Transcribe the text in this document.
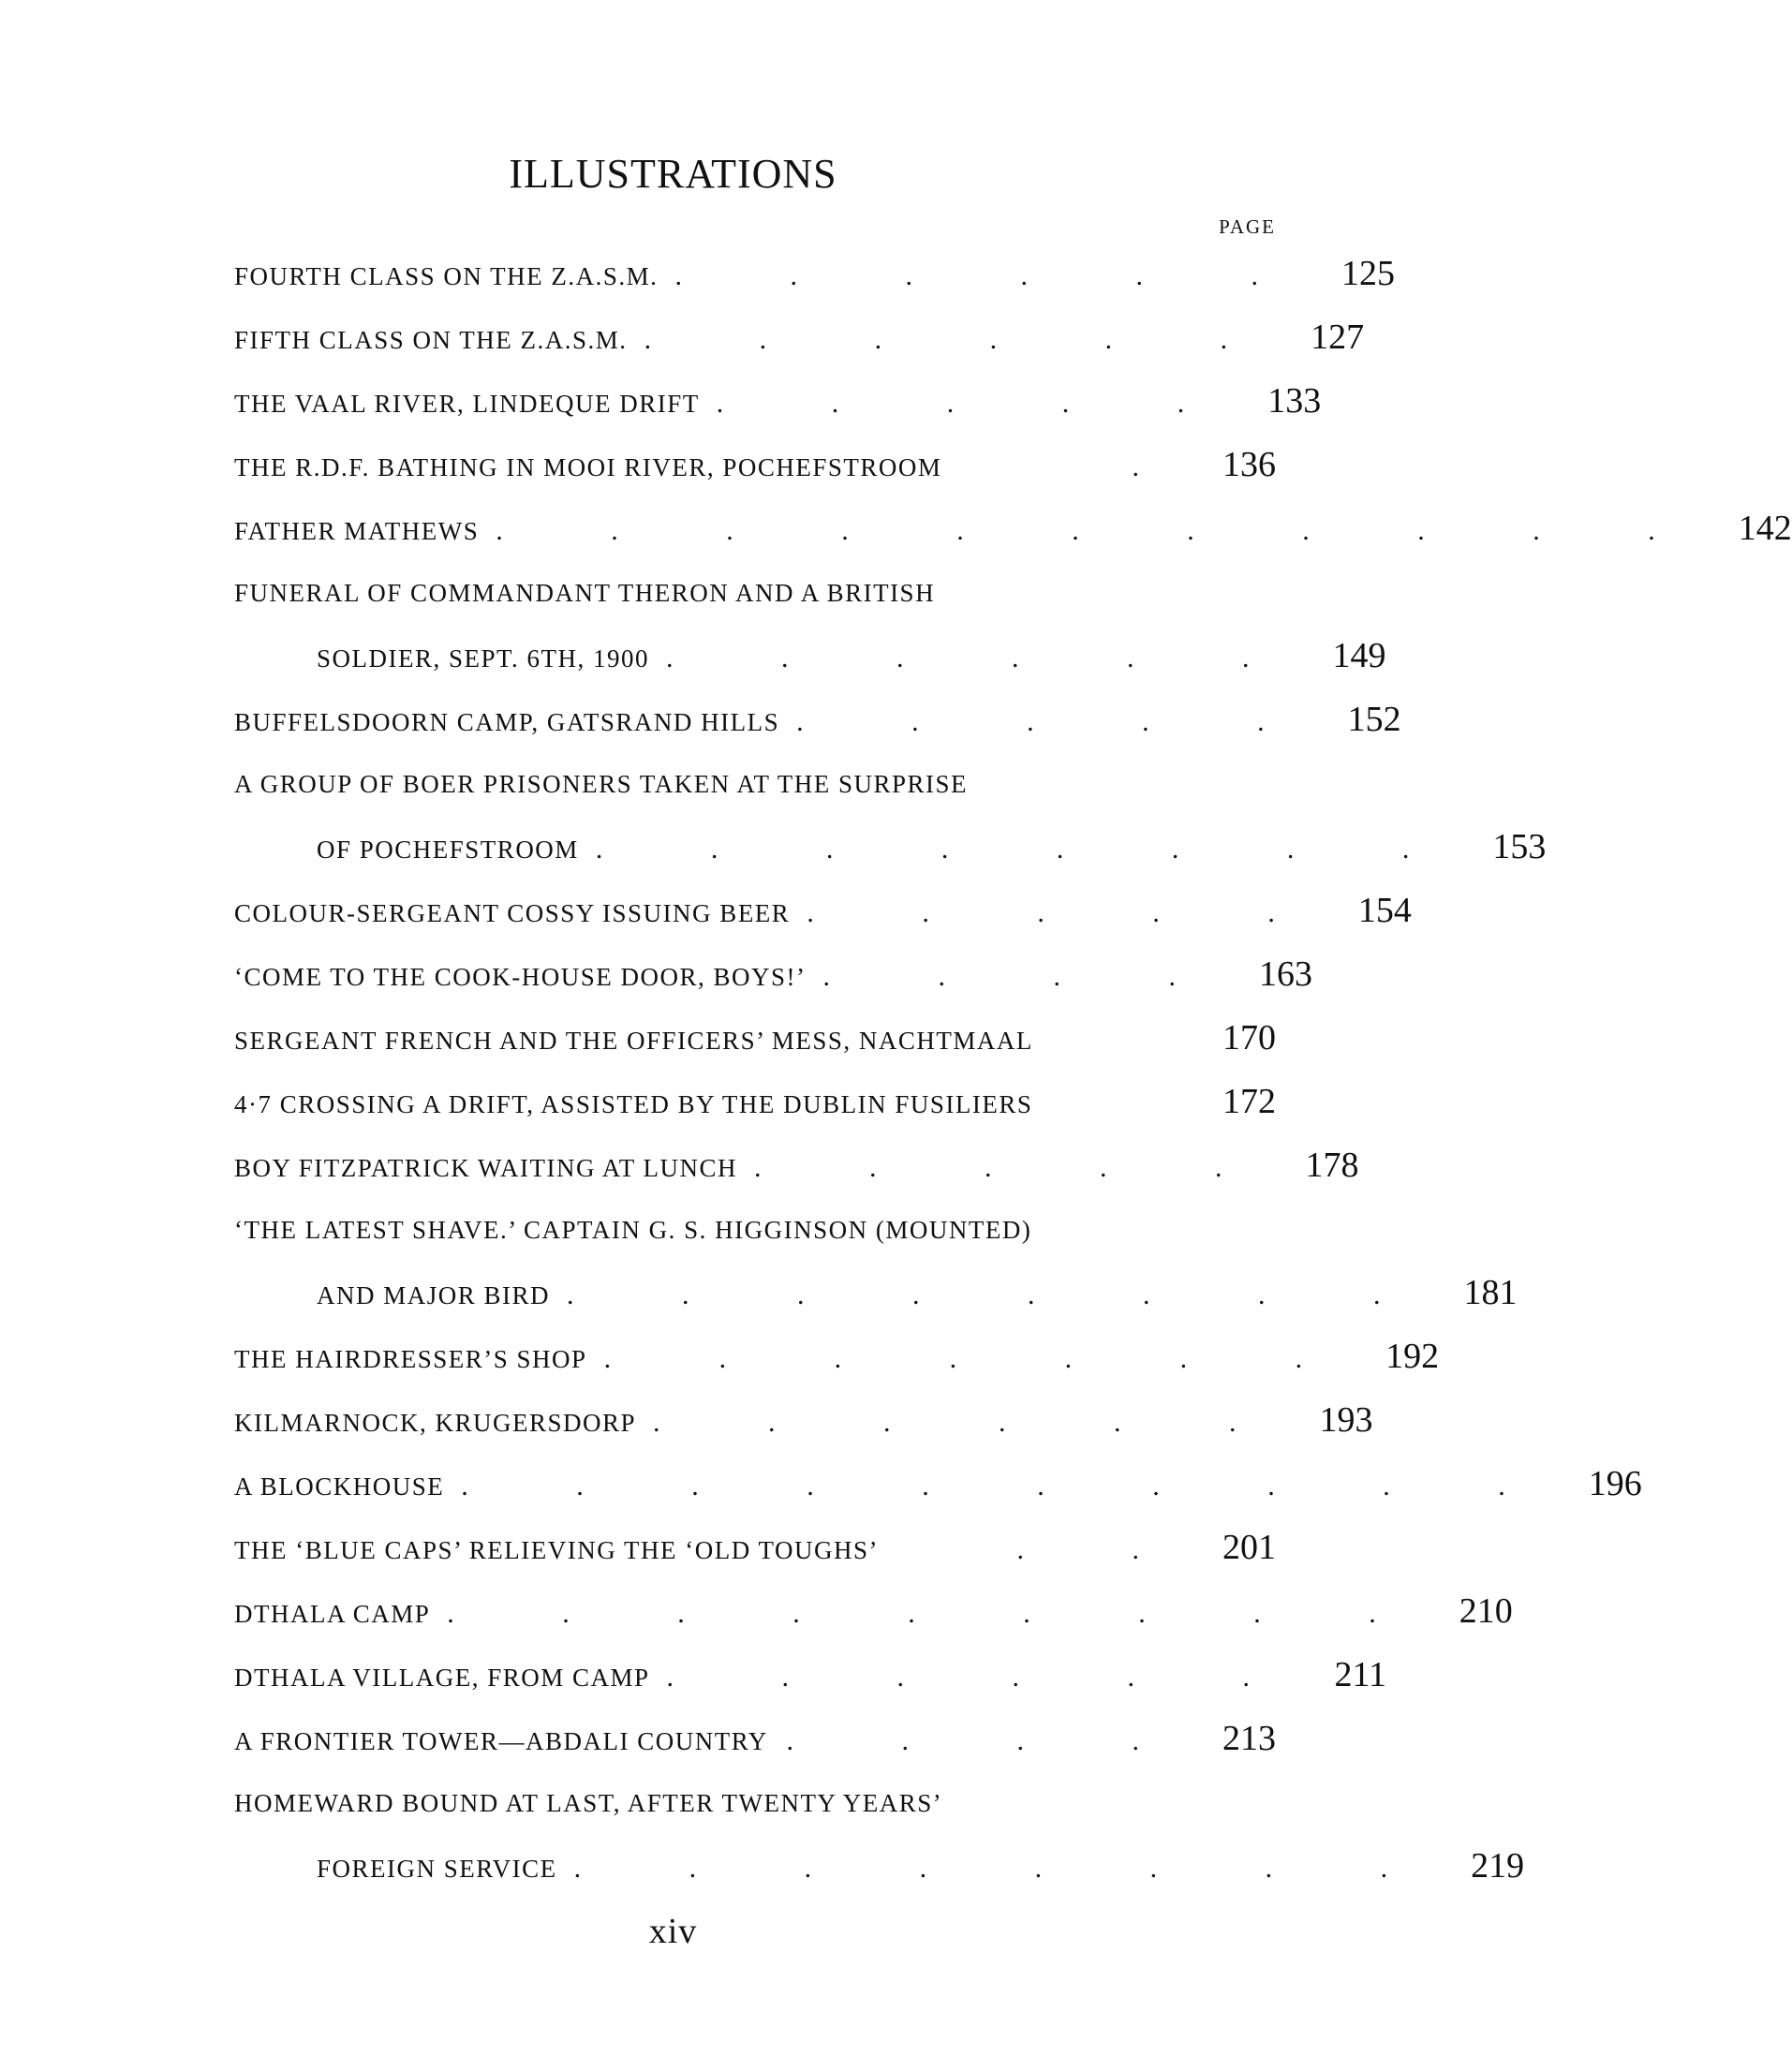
ILLUSTRATIONS
PAGE
FOURTH CLASS ON THE Z.A.S.M. . . . . . . 125
FIFTH CLASS ON THE Z.A.S.M. . . . . . . 127
THE VAAL RIVER, LINDEQUE DRIFT . . . . . 133
THE R.D.F. BATHING IN MOOI RIVER, POCHEFSTROOM	. 136
FATHER MATHEWS . . . . . . . . . . . 142
FUNERAL OF COMMANDANT THERON AND A BRITISH
SOLDIER, SEPT. 6TH, 1900 . . . . . . 149
BUFFELSDOORN CAMP, GATSRAND HILLS . . . . . 152
A GROUP OF BOER PRISONERS TAKEN AT THE SURPRISE
OF POCHEFSTROOM . . . . . . . . 153
COLOUR-SERGEANT COSSY ISSUING BEER . . . . . 154
‘COME TO THE COOK-HOUSE DOOR, BOYS!’ . . . . 163
SERGEANT FRENCH AND THE OFFICERS’ MESS, NACHTMAAL	170
4·7 CROSSING A DRIFT, ASSISTED BY THE DUBLIN FUSILIERS	172
BOY FITZPATRICK WAITING AT LUNCH . . . . . 178
‘THE LATEST SHAVE.’ CAPTAIN G. S. HIGGINSON (MOUNTED)
AND MAJOR BIRD . . . . . . . . 181
THE HAIRDRESSER’S SHOP . . . . . . . 192
KILMARNOCK, KRUGERSDORP . . . . . . 193
A BLOCKHOUSE . . . . . . . . . . 196
THE ‘BLUE CAPS’ RELIEVING THE ‘OLD TOUGHS’	. . 201
DTHALA CAMP . . . . . . . . . 210
DTHALA VILLAGE, FROM CAMP . . . . . . 211
A FRONTIER TOWER—ABDALI COUNTRY . . . . 213
HOMEWARD BOUND AT LAST, AFTER TWENTY YEARS’
FOREIGN SERVICE . . . . . . . . 219
xiv
